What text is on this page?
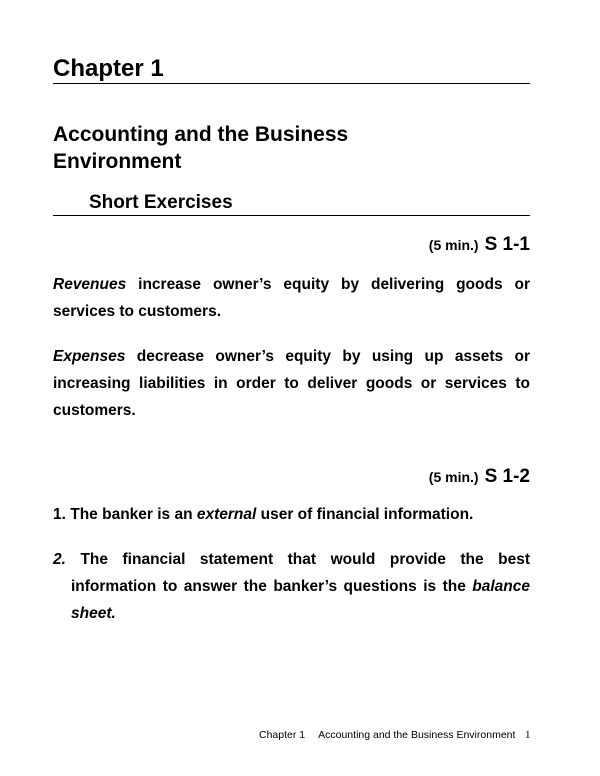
Chapter 1
Accounting and the Business Environment
Short Exercises
(5 min.) S 1-1

Revenues increase owner’s equity by delivering goods or services to customers.

Expenses decrease owner’s equity by using up assets or increasing liabilities in order to deliver goods or services to customers.

(5 min.) S 1-2

1. The banker is an external user of financial information.

2. The financial statement that would provide the best information to answer the banker’s questions is the balance sheet.

Chapter 1 Accounting and the Business Environment 1
